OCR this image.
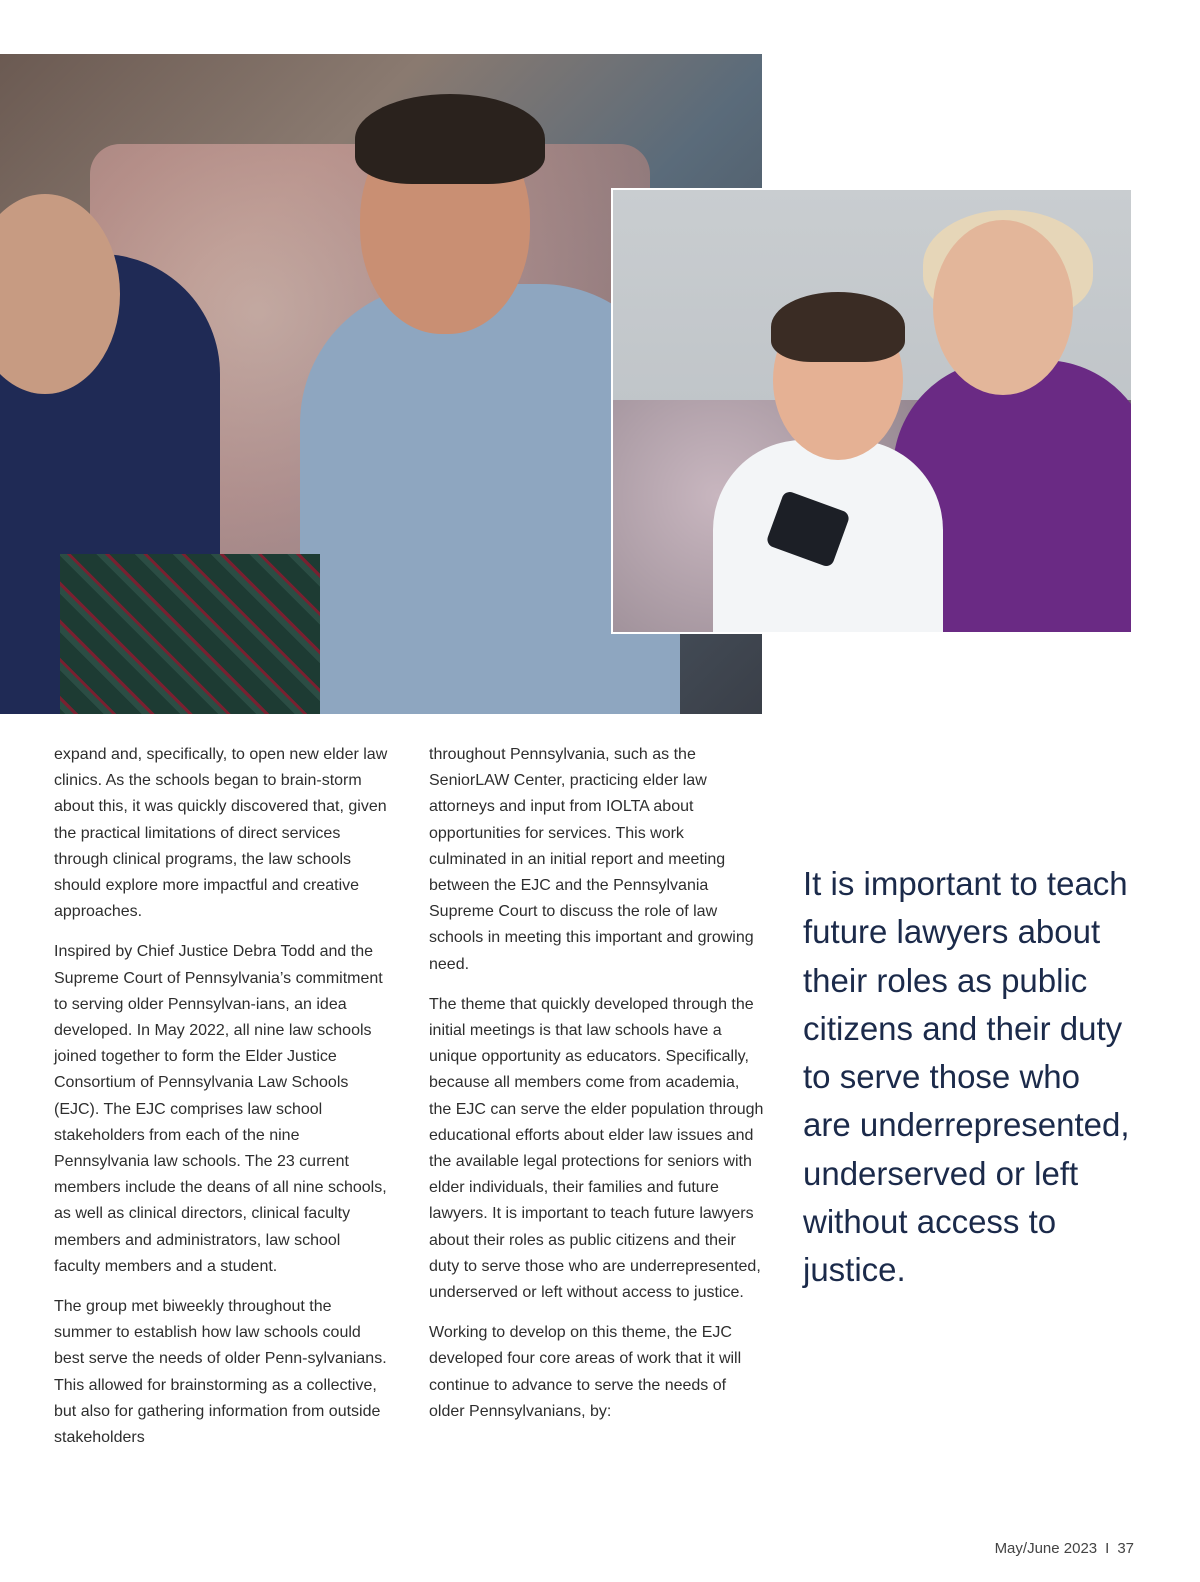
expand and, specifically, to open new elder law clinics. As the schools began to brain-storm about this, it was quickly discovered that, given the practical limitations of direct services through clinical programs, the law schools should explore more impactful and creative approaches.

Inspired by Chief Justice Debra Todd and the Supreme Court of Pennsylvania’s commitment to serving older Pennsylvan-ians, an idea developed. In May 2022, all nine law schools joined together to form the Elder Justice Consortium of Pennsylvania Law Schools (EJC). The EJC comprises law school stakeholders from each of the nine Pennsylvania law schools. The 23 current members include the deans of all nine schools, as well as clinical directors, clinical faculty members and administrators, law school faculty members and a student.

The group met biweekly throughout the summer to establish how law schools could best serve the needs of older Penn-sylvanians. This allowed for brainstorming as a collective, but also for gathering information from outside stakeholders

throughout Pennsylvania, such as the SeniorLAW Center, practicing elder law attorneys and input from IOLTA about opportunities for services. This work culminated in an initial report and meeting between the EJC and the Pennsylvania Supreme Court to discuss the role of law schools in meeting this important and growing need.

The theme that quickly developed through the initial meetings is that law schools have a unique opportunity as educators. Specifically, because all members come from academia, the EJC can serve the elder population through educational efforts about elder law issues and the available legal protections for seniors with elder individuals, their families and future lawyers. It is important to teach future lawyers about their roles as public citizens and their duty to serve those who are underrepresented, underserved or left without access to justice.

Working to develop on this theme, the EJC developed four core areas of work that it will continue to advance to serve the needs of older Pennsylvanians, by:

It is important to teach future lawyers about their roles as public citizens and their duty to serve those who are underrepresented, underserved or left without access to justice.
May/June 2023 I 37
